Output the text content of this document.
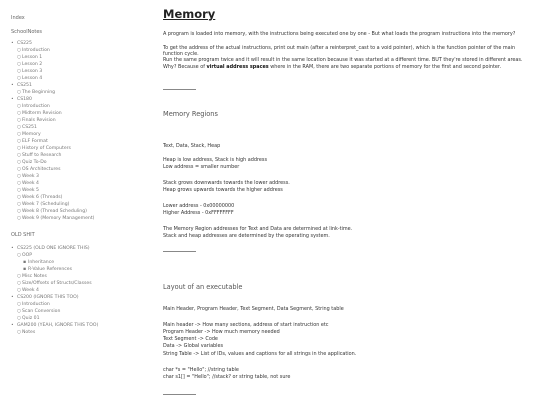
Index
SchoolNotes
• CS225
○ Introduction
○ Lesson 1
○ Lesson 2
○ Lesson 3
○ Lesson 4
• CS251
○ The Beginning
• CS180
○ Introduction
○ Midterm Revision
○ Finals Revision
○ CS251
○ Memory
○ ELF Format
○ History of Computers
○ Stuff to Research
○ Quiz To-Do
○ OS Architectures
○ Week 3
○ Week 4
○ Week 5
○ Week 6 (Threads)
○ Week 7 (Scheduling)
○ Week 8 (Thread Scheduling)
○ Week 9 (Memory Management)
OLD SHIT
• CS225 (OLD ONE IGNORE THIS)
○ OOP
▪ Inheritance
▪ R-Value References
○ Misc Notes
○ Size/Offsets of Structs/Classes
○ Week 4
• CS200 (IGNORE THIS TOO)
○ Introduction
○ Scan Conversion
○ Quiz 01
• GAM200 (YEAH, IGNORE THIS TOO)
○ Notes
Memory
A program is loaded into memory, with the instructions being executed one by one - But what loads the program instructions into the memory?
To get the address of the actual instructions, print out main (after a reinterpret_cast to a void pointer), which is the function pointer of the main function cycle.
Run the same program twice and it will result in the same location because it was started at a different time. BUT they're stored in different areas. Why? Because of virtual address spaces where in the RAM, there are two separate portions of memory for the first and second pointer.
Memory Regions
Text, Data, Stack, Heap
Heap is low address, Stack is high address
Low address = smaller number
Stack grows downwards towards the lower address.
Heap grows upwards towards the higher address
Lower address - 0x00000000
Higher Address - 0xFFFFFFFF
The Memory Region addresses for Text and Data are determined at link-time.
Stack and heap addresses are determined by the operating system.
Layout of an executable
Main Header, Program Header, Text Segment, Data Segment, String table
Main header -> How many sections, address of start instruction etc
Program Header -> How much memory needed
Text Segment -> Code
Data -> Global variables
String Table -> List of IDs, values and captions for all strings in the application.
char *s = "Hello"; //string table
char s1[] = "Hello"; //stack? or string table, not sure
